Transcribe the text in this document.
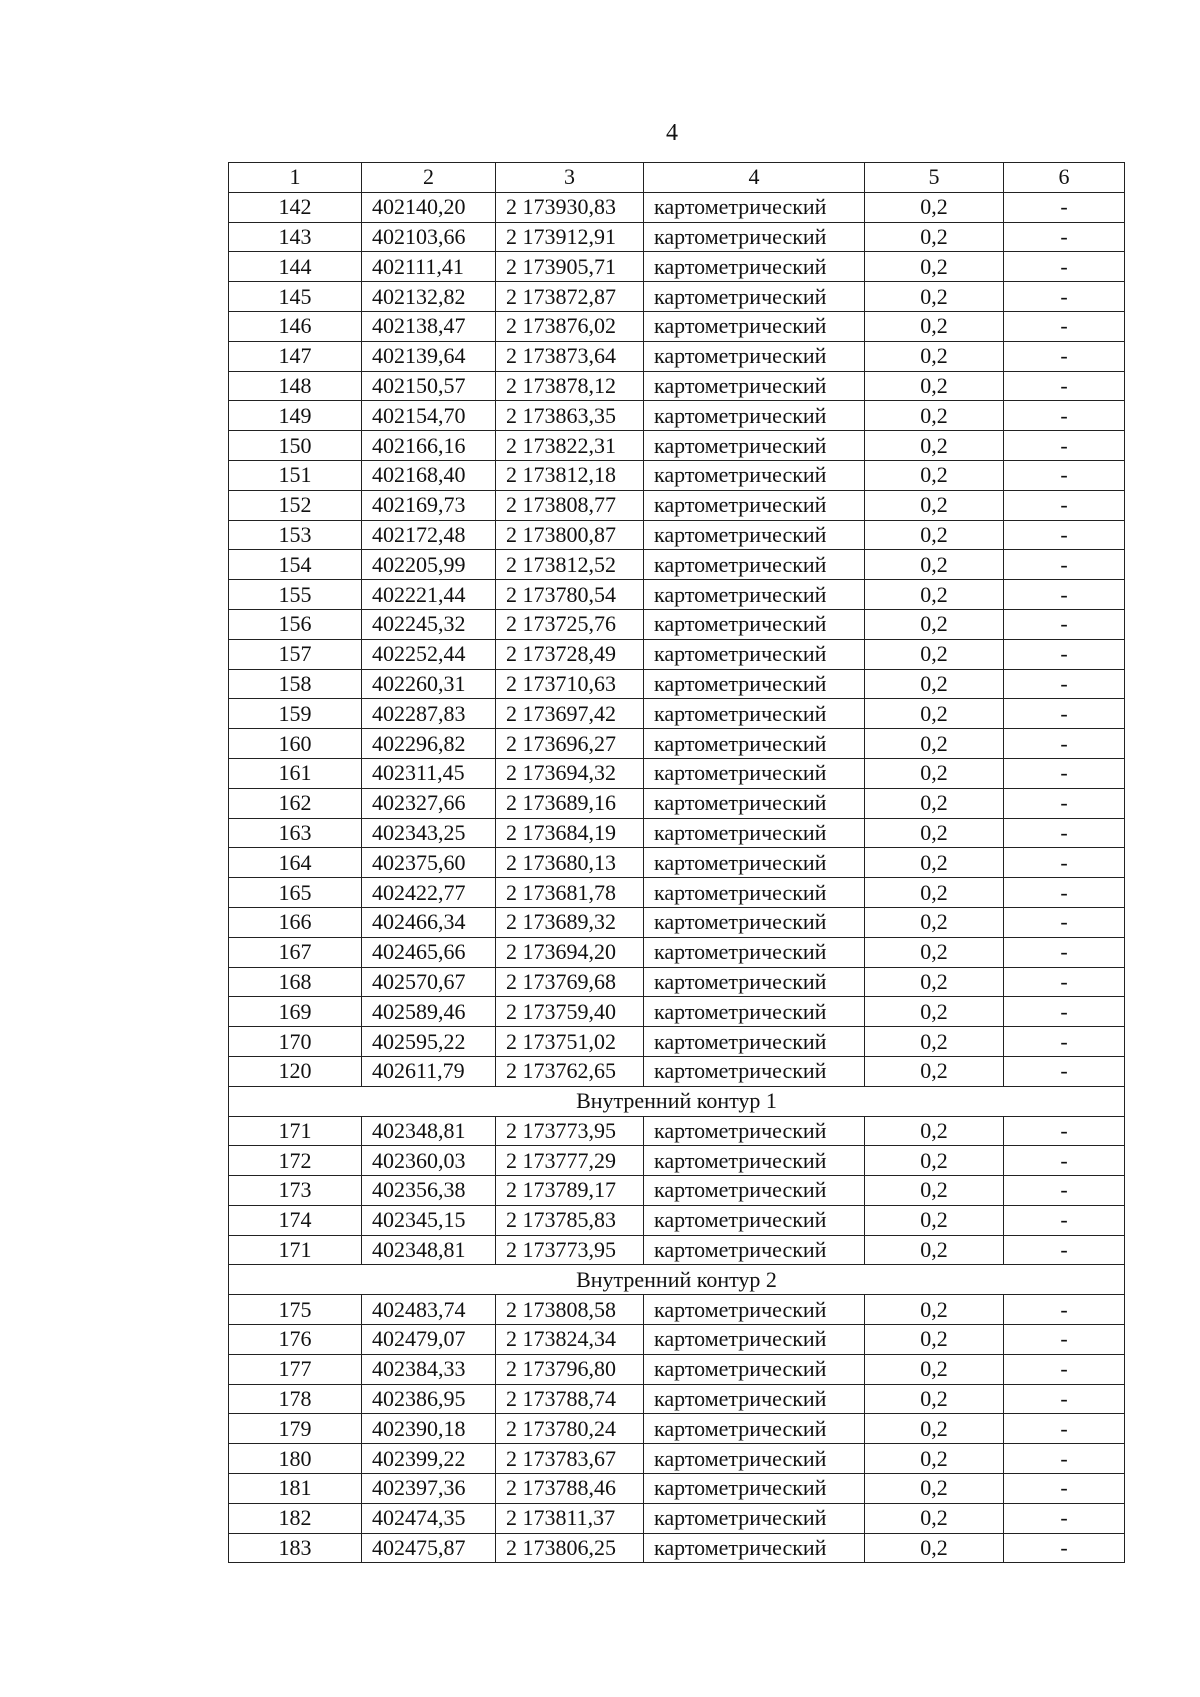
4
1	2	3	4	5	6
142	402140,20	2 173930,83	картометрический	0,2	-
143	402103,66	2 173912,91	картометрический	0,2	-
144	402111,41	2 173905,71	картометрический	0,2	-
145	402132,82	2 173872,87	картометрический	0,2	-
146	402138,47	2 173876,02	картометрический	0,2	-
147	402139,64	2 173873,64	картометрический	0,2	-
148	402150,57	2 173878,12	картометрический	0,2	-
149	402154,70	2 173863,35	картометрический	0,2	-
150	402166,16	2 173822,31	картометрический	0,2	-
151	402168,40	2 173812,18	картометрический	0,2	-
152	402169,73	2 173808,77	картометрический	0,2	-
153	402172,48	2 173800,87	картометрический	0,2	-
154	402205,99	2 173812,52	картометрический	0,2	-
155	402221,44	2 173780,54	картометрический	0,2	-
156	402245,32	2 173725,76	картометрический	0,2	-
157	402252,44	2 173728,49	картометрический	0,2	-
158	402260,31	2 173710,63	картометрический	0,2	-
159	402287,83	2 173697,42	картометрический	0,2	-
160	402296,82	2 173696,27	картометрический	0,2	-
161	402311,45	2 173694,32	картометрический	0,2	-
162	402327,66	2 173689,16	картометрический	0,2	-
163	402343,25	2 173684,19	картометрический	0,2	-
164	402375,60	2 173680,13	картометрический	0,2	-
165	402422,77	2 173681,78	картометрический	0,2	-
166	402466,34	2 173689,32	картометрический	0,2	-
167	402465,66	2 173694,20	картометрический	0,2	-
168	402570,67	2 173769,68	картометрический	0,2	-
169	402589,46	2 173759,40	картометрический	0,2	-
170	402595,22	2 173751,02	картометрический	0,2	-
120	402611,79	2 173762,65	картометрический	0,2	-
Внутренний контур 1					
171	402348,81	2 173773,95	картометрический	0,2	-
172	402360,03	2 173777,29	картометрический	0,2	-
173	402356,38	2 173789,17	картометрический	0,2	-
174	402345,15	2 173785,83	картометрический	0,2	-
171	402348,81	2 173773,95	картометрический	0,2	-
Внутренний контур 2					
175	402483,74	2 173808,58	картометрический	0,2	-
176	402479,07	2 173824,34	картометрический	0,2	-
177	402384,33	2 173796,80	картометрический	0,2	-
178	402386,95	2 173788,74	картометрический	0,2	-
179	402390,18	2 173780,24	картометрический	0,2	-
180	402399,22	2 173783,67	картометрический	0,2	-
181	402397,36	2 173788,46	картометрический	0,2	-
182	402474,35	2 173811,37	картометрический	0,2	-
183	402475,87	2 173806,25	картометрический	0,2	-
